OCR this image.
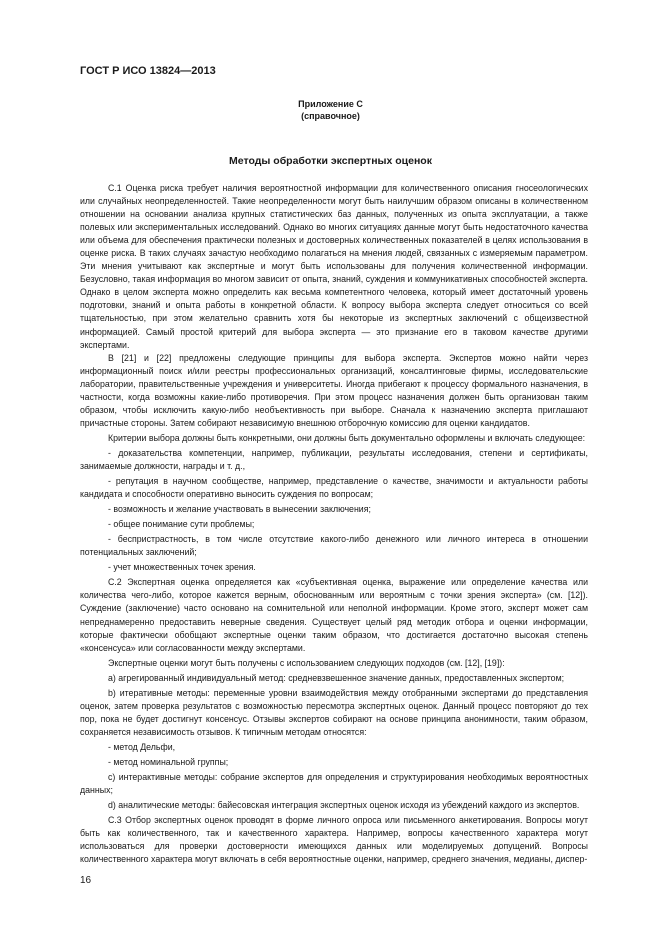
ГОСТ Р ИСО 13824—2013
Приложение С
(справочное)
Методы обработки экспертных оценок

С.1 Оценка риска требует наличия вероятностной информации для количественного описания гносеологических или случайных неопределенностей. Такие неопределенности могут быть наилучшим образом описаны в количественном отношении на основании анализа крупных статистических баз данных, полученных из опыта эксплуатации, а также полевых или экспериментальных исследований. Однако во многих ситуациях данные могут быть недостаточного качества или объема для обеспечения практически полезных и достоверных количественных показателей в целях использования в оценке риска. В таких случаях зачастую необходимо полагаться на мнения людей, связанных с измеряемым параметром. Эти мнения учитывают как экспертные и могут быть использованы для получения количественной информации. Безусловно, такая информация во многом зависит от опыта, знаний, суждения и коммуникативных способностей эксперта. Однако в целом эксперта можно определить как весьма компетентного человека, который имеет достаточный уровень подготовки, знаний и опыта работы в конкретной области. К вопросу выбора эксперта следует относиться со всей тщательностью, при этом желательно сравнить хотя бы некоторые из экспертных заключений с общеизвестной информацией. Самый простой критерий для выбора эксперта — это признание его в таковом качестве другими экспертами.

В [21] и [22] предложены следующие принципы для выбора эксперта. Экспертов можно найти через информационный поиск и/или реестры профессиональных организаций, консалтинговые фирмы, исследовательские лаборатории, правительственные учреждения и университеты. Иногда прибегают к процессу формального назначения, в частности, когда возможны какие-либо противоречия. При этом процесс назначения должен быть организован таким образом, чтобы исключить какую-либо необъективность при выборе. Сначала к назначению эксперта приглашают причастные стороны. Затем собирают независимую внешнюю отборочную комиссию для оценки кандидатов.

Критерии выбора должны быть конкретными, они должны быть документально оформлены и включать следующее:

- доказательства компетенции, например, публикации, результаты исследования, степени и сертификаты, занимаемые должности, награды и т. д.,

- репутация в научном сообществе, например, представление о качестве, значимости и актуальности работы кандидата и способности оперативно выносить суждения по вопросам;

- возможность и желание участвовать в вынесении заключения;

- общее понимание сути проблемы;

- беспристрастность, в том числе отсутствие какого-либо денежного или личного интереса в отношении потенциальных заключений;

- учет множественных точек зрения.

С.2 Экспертная оценка определяется как «субъективная оценка, выражение или определение качества или количества чего-либо, которое кажется верным, обоснованным или вероятным с точки зрения эксперта» (см. [12]). Суждение (заключение) часто основано на сомнительной или неполной информации. Кроме этого, эксперт может сам непреднамеренно предоставить неверные сведения. Существует целый ряд методик отбора и оценки информации, которые фактически обобщают экспертные оценки таким образом, что достигается достаточно высокая степень «консенсуса» или согласованности между экспертами.

Экспертные оценки могут быть получены с использованием следующих подходов (см. [12], [19]):

а) агрегированный индивидуальный метод: средневзвешенное значение данных, предоставленных экспертом;

b) итеративные методы: переменные уровни взаимодействия между отобранными экспертами до представления оценок, затем проверка результатов с возможностью пересмотра экспертных оценок. Данный процесс повторяют до тех пор, пока не будет достигнут консенсус. Отзывы экспертов собирают на основе принципа анонимности, таким образом, сохраняется независимость отзывов. К типичным методам относятся:

- метод Дельфи,

- метод номинальной группы;

с) интерактивные методы: собрание экспертов для определения и структурирования необходимых вероятностных данных;

d) аналитические методы: байесовская интеграция экспертных оценок исходя из убеждений каждого из экспертов.

С.3 Отбор экспертных оценок проводят в форме личного опроса или письменного анкетирования. Вопросы могут быть как количественного, так и качественного характера. Например, вопросы качественного характера могут использоваться для проверки достоверности имеющихся данных или моделируемых допущений. Вопросы количественного характера могут включать в себя вероятностные оценки, например, среднего значения, медианы, диспер-

16
